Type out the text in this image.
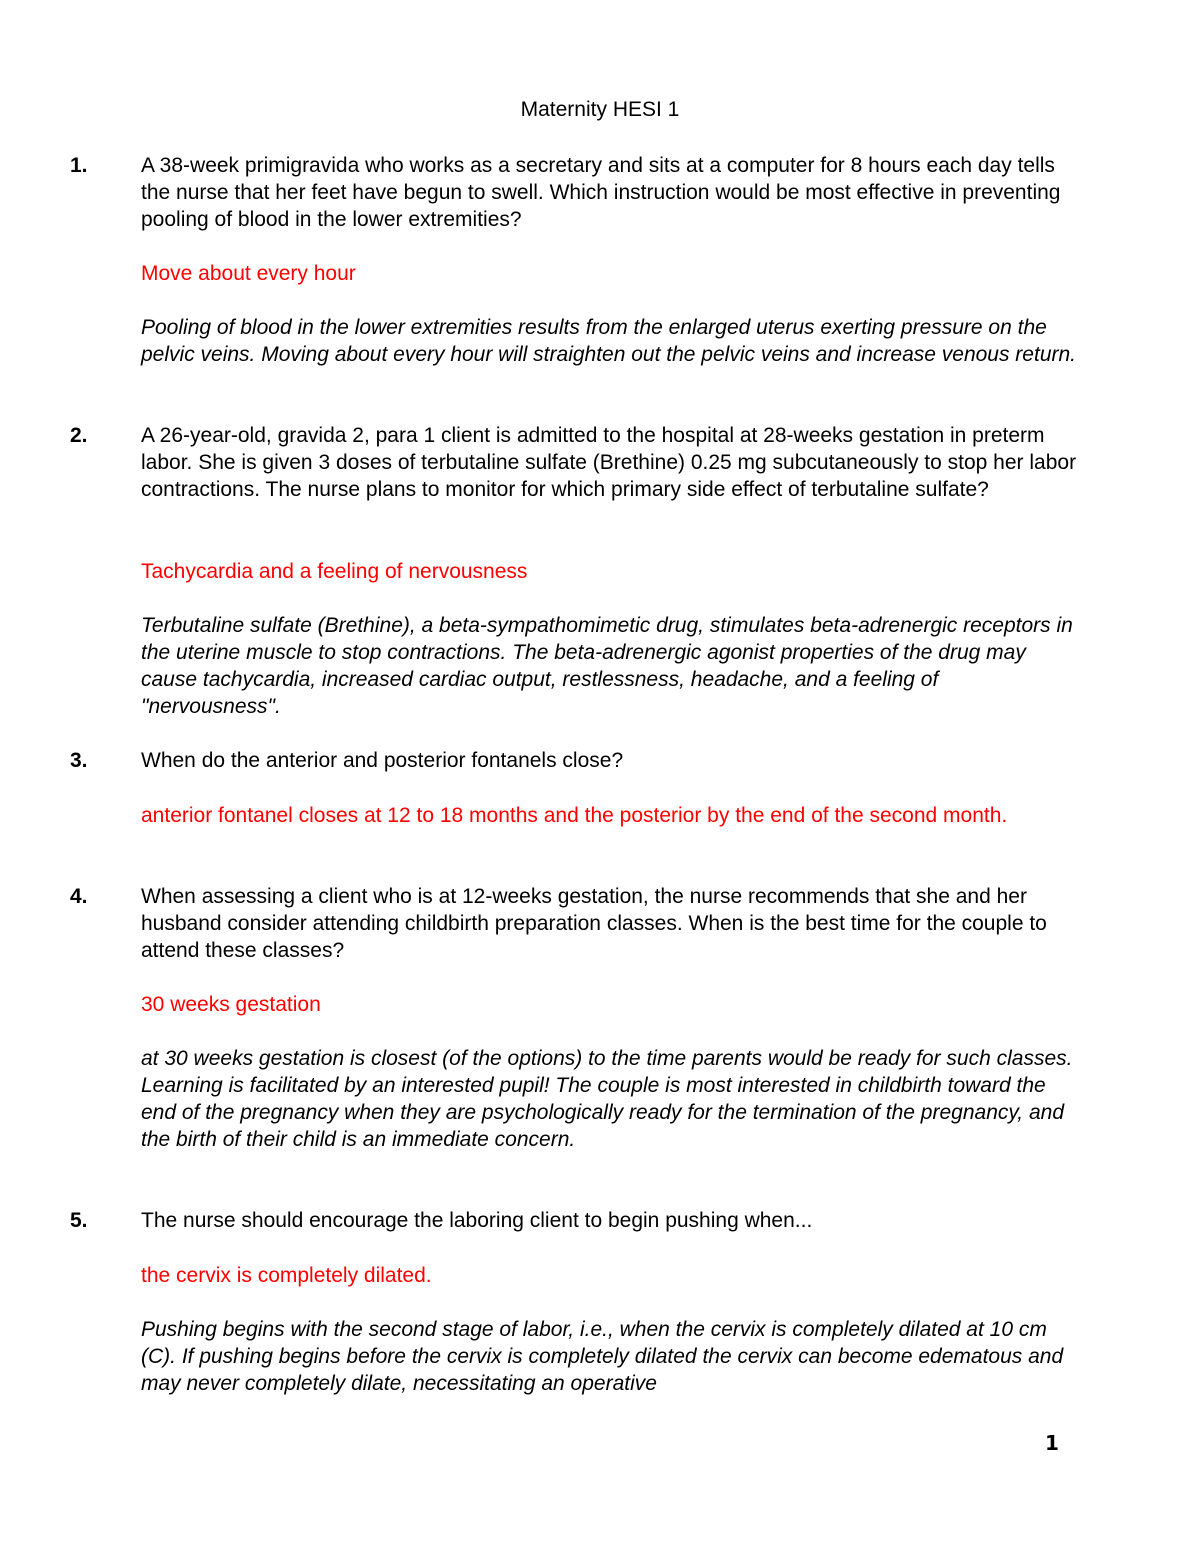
Maternity HESI 1
1.	A 38-week primigravida who works as a secretary and sits at a computer for 8 hours each day tells the nurse that her feet have begun to swell. Which instruction would be most effective in preventing pooling of blood in the lower extremities?

Move about every hour

Pooling of blood in the lower extremities results from the enlarged uterus exerting pressure on the pelvic veins. Moving about every hour will straighten out the pelvic veins and increase venous return.

2.	A 26-year-old, gravida 2, para 1 client is admitted to the hospital at 28-weeks gestation in preterm labor. She is given 3 doses of terbutaline sulfate (Brethine) 0.25 mg subcutaneously to stop her labor contractions. The nurse plans to monitor for which primary side effect of terbutaline sulfate?

Tachycardia and a feeling of nervousness

Terbutaline sulfate (Brethine), a beta-sympathomimetic drug, stimulates beta-adrenergic receptors in the uterine muscle to stop contractions. The beta-adrenergic agonist properties of the drug may cause tachycardia, increased cardiac output, restlessness, headache, and a feeling of "nervousness".

3.	When do the anterior and posterior fontanels close?

anterior fontanel closes at 12 to 18 months and the posterior by the end of the second month.

4.	When assessing a client who is at 12-weeks gestation, the nurse recommends that she and her husband consider attending childbirth preparation classes. When is the best time for the couple to attend these classes?

30 weeks gestation

at 30 weeks gestation is closest (of the options) to the time parents would be ready for such classes. Learning is facilitated by an interested pupil! The couple is most interested in childbirth toward the end of the pregnancy when they are psychologically ready for the termination of the pregnancy, and the birth of their child is an immediate concern.

5.	The nurse should encourage the laboring client to begin pushing when...

the cervix is completely dilated.

Pushing begins with the second stage of labor, i.e., when the cervix is completely dilated at 10 cm (C). If pushing begins before the cervix is completely dilated the cervix can become edematous and may never completely dilate, necessitating an operative

1
